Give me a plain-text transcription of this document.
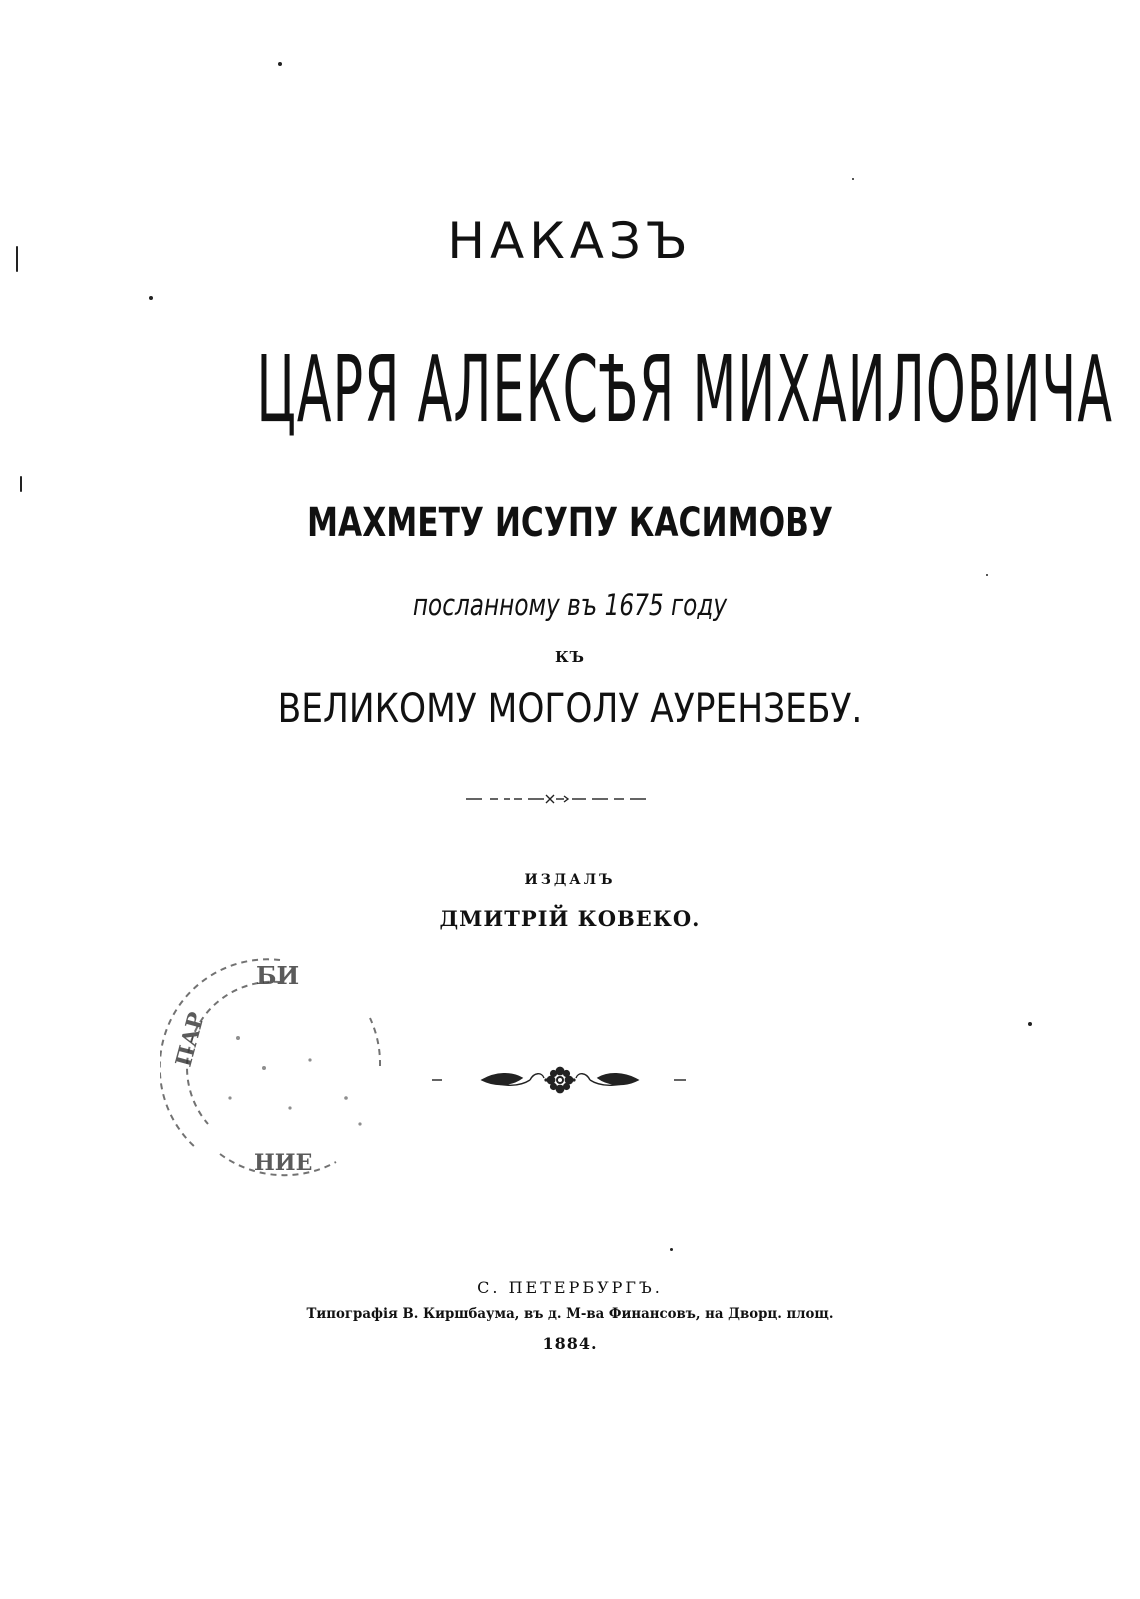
НАКАЗЪ
ЦАРЯ АЛЕКСѢЯ МИХАИЛОВИЧА
МАХМЕТУ ИСУПУ КАСИМОВУ
посланному въ 1675 году
КЪ
ВЕЛИКОМУ МОГОЛУ АУРЕНЗЕБУ.
ИЗДАЛЪ
ДМИТРІЙ КОВЕКО.
БИ
ПАР
НИЕ
С. ПЕТЕРБУРГЪ.
Типографія В. Киршбаума, въ д. М-ва Финансовъ, на Дворц. площ.
1884.
